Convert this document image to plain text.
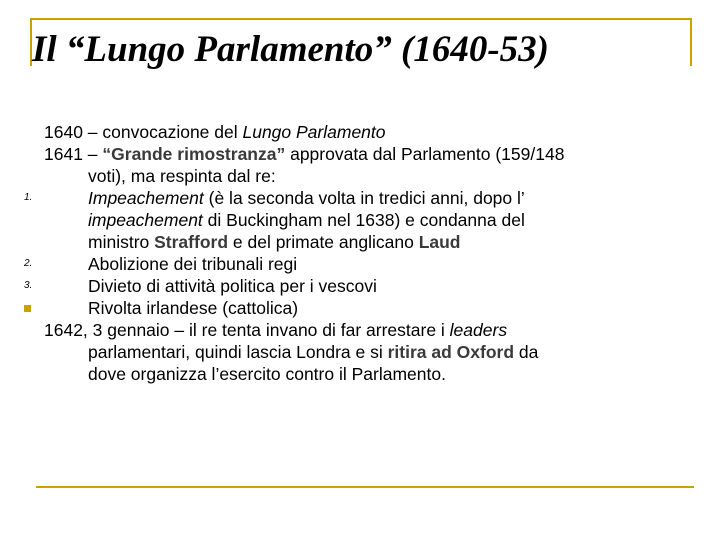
Il “Lungo Parlamento” (1640-53)
1640 – convocazione del Lungo Parlamento
1641 – “Grande rimostranza” approvata dal Parlamento (159/148
voti), ma respinta dal re:
1.	Impeachement (è la seconda volta in tredici anni, dopo l’
impeachement di Buckingham nel 1638) e condanna del
ministro Strafford e del primate anglicano Laud
2.	Abolizione dei tribunali regi
3.	Divieto di attività politica per i vescovi
Rivolta irlandese (cattolica)
1642, 3 gennaio – il re tenta invano di far arrestare i leaders
parlamentari, quindi lascia Londra e si ritira ad Oxford da
dove organizza l’esercito contro il Parlamento.
